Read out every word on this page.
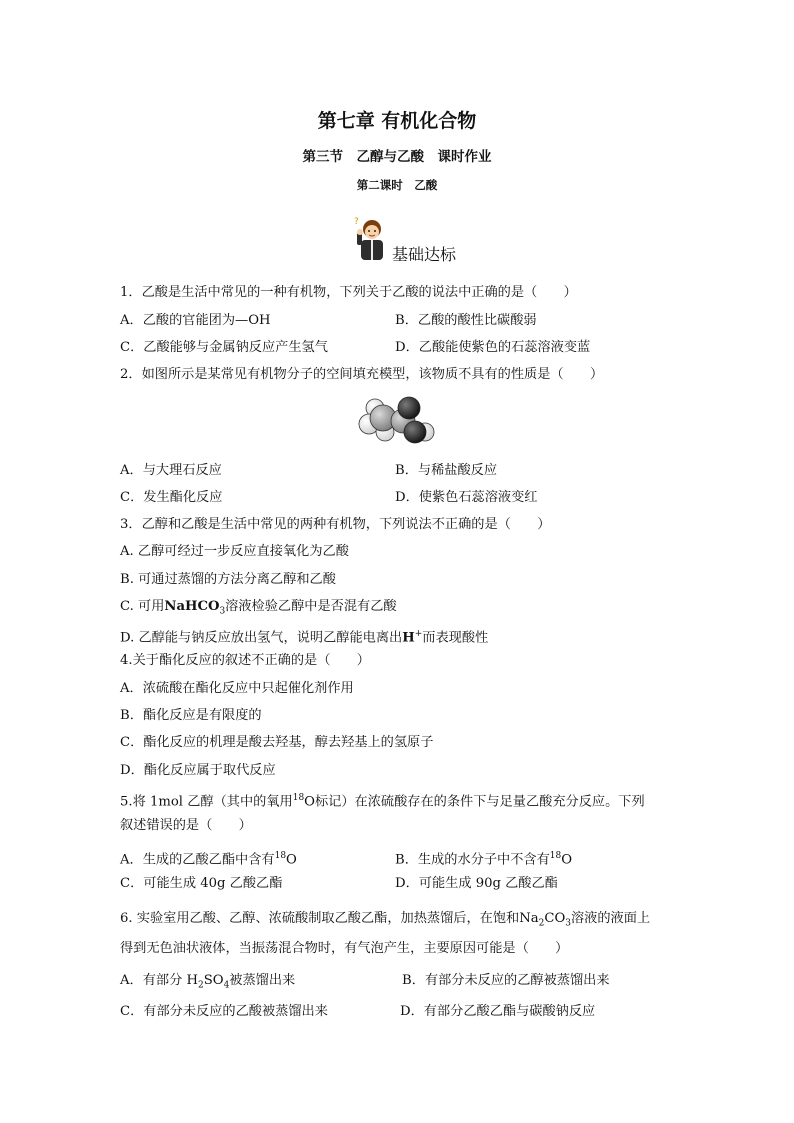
第七章 有机化合物
第三节　乙醇与乙酸　课时作业
第二课时　乙酸
?
基础达标
1．乙酸是生活中常见的一种有机物，下列关于乙酸的说法中正确的是（　　）
A．乙酸的官能团为—OH	B．乙酸的酸性比碳酸弱
C．乙酸能够与金属钠反应产生氢气	D．乙酸能使紫色的石蕊溶液变蓝
2．如图所示是某常见有机物分子的空间填充模型，该物质不具有的性质是（　　）
A．与大理石反应	B．与稀盐酸反应
C．发生酯化反应	D．使紫色石蕊溶液变红
3．乙醇和乙酸是生活中常见的两种有机物，下列说法不正确的是（　　）
A. 乙醇可经过一步反应直接氧化为乙酸
B. 可通过蒸馏的方法分离乙醇和乙酸
C. 可用NaHCO$_3$溶液检验乙醇中是否混有乙酸
D. 乙醇能与钠反应放出氢气，说明乙醇能电离出H+而表现酸性
4.关于酯化反应的叙述不正确的是（　　）
A．浓硫酸在酯化反应中只起催化剂作用
B．酯化反应是有限度的
C．酯化反应的机理是酸去羟基，醇去羟基上的氢原子
D．酯化反应属于取代反应
5.将 1mol 乙醇（其中的氧用$^{18}$O标记）在浓硫酸存在的条件下与足量乙酸充分反应。下列
叙述错误的是（　　）
A．生成的乙酸乙酯中含有$^{18}$O	B．生成的水分子中不含有$^{18}$O
C．可能生成 40g 乙酸乙酯	D．可能生成 90g 乙酸乙酯
6. 实验室用乙酸、乙醇、浓硫酸制取乙酸乙酯，加热蒸馏后，在饱和$Na_2CO_3$溶液的液面上
得到无色油状液体，当振荡混合物时，有气泡产生，主要原因可能是（　　）
A．有部分 $H_2SO_4$被蒸馏出来	B．有部分未反应的乙醇被蒸馏出来
C．有部分未反应的乙酸被蒸馏出来	D．有部分乙酸乙酯与碳酸钠反应
